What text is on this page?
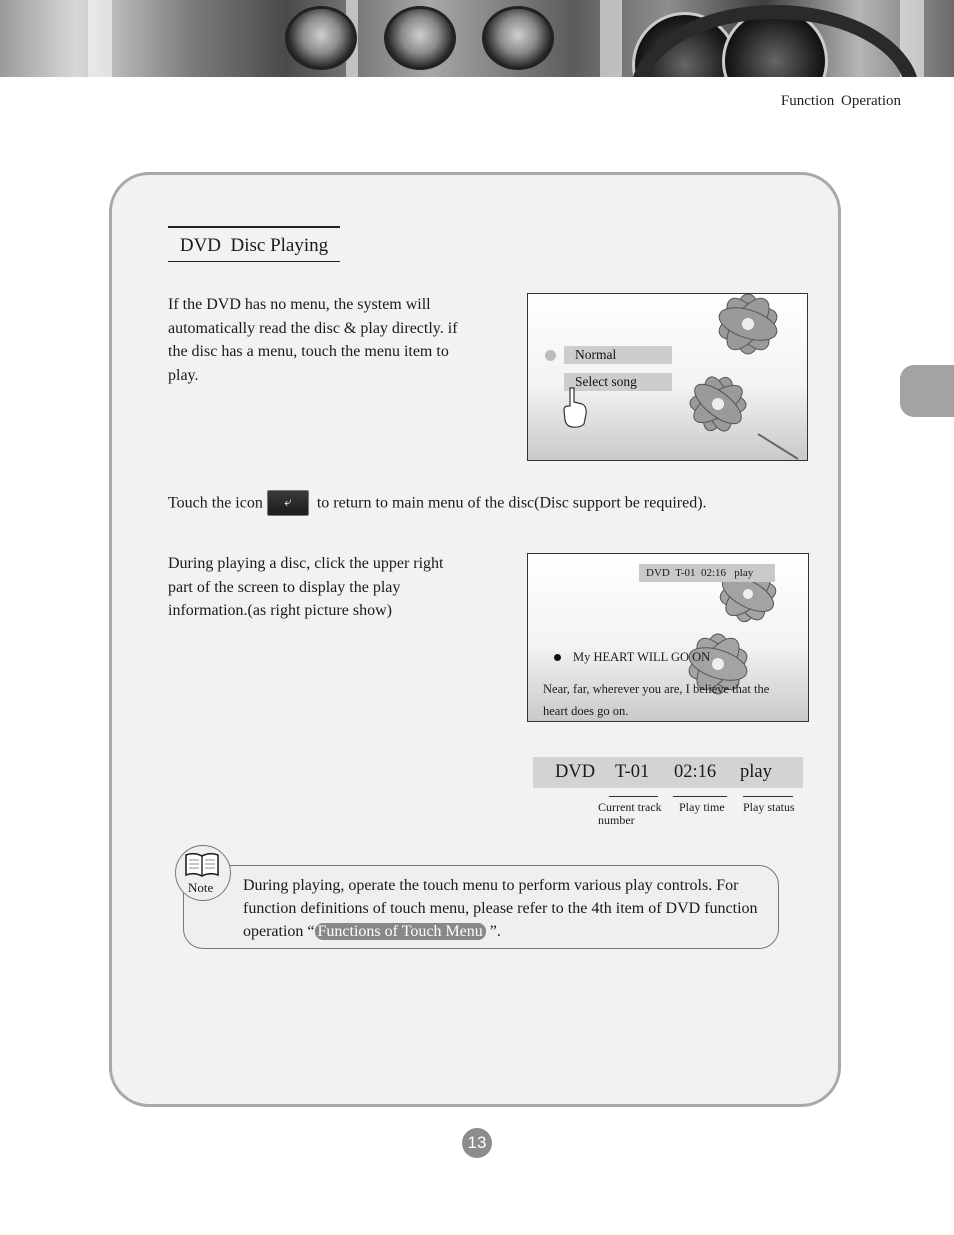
Function Operation
DVD  Disc Playing

If the DVD has no menu, the system will automatically read the disc & play directly. if the disc has a menu, touch the menu item to play.

Normal
Select song
Touch the icon ⤶ to return to main menu of the disc(Disc support be required).

During playing a disc, click the upper right part of the screen to display the play information.(as right picture show)

DVD  T-01  02:16   play
My HEART WILL GO ON
Near, far, wherever you are, I believe that the
heart does go on.
DVD T-01 02:16 play
Current track
number
Play time Play status
Note During playing, operate the touch menu to perform various play controls. For function definitions of touch menu, please refer to the 4th item of DVD function operation “ Functions of Touch Menu ”.
13
